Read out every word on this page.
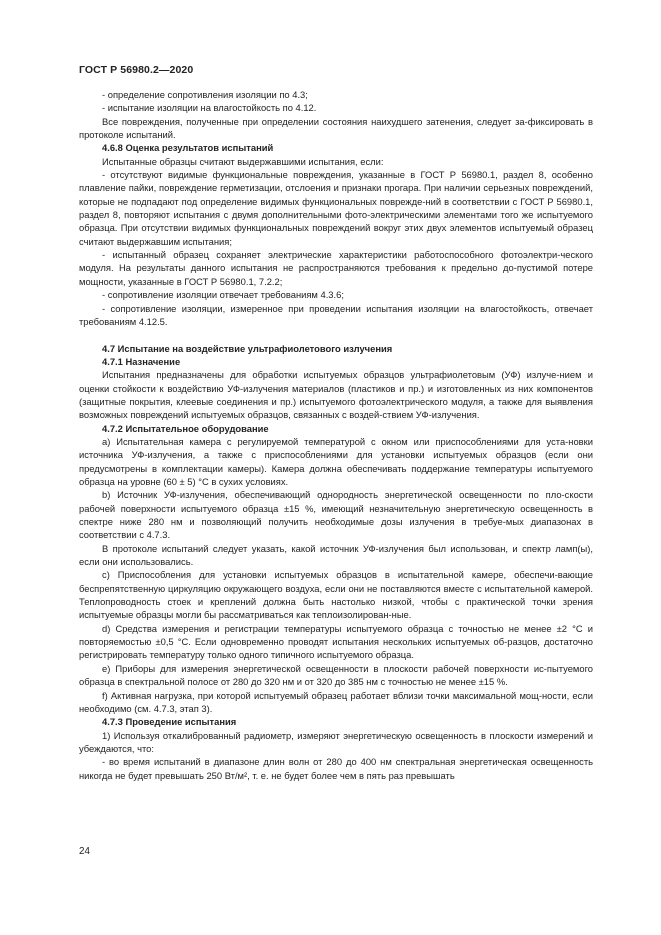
ГОСТ Р 56980.2—2020

- определение сопротивления изоляции по 4.3;

- испытание изоляции на влагостойкость по 4.12.

Все повреждения, полученные при определении состояния наихудшего затенения, следует за-фиксировать в протоколе испытаний.

4.6.8 Оценка результатов испытаний

Испытанные образцы считают выдержавшими испытания, если:

- отсутствуют видимые функциональные повреждения, указанные в ГОСТ Р 56980.1, раздел 8, особенно плавление пайки, повреждение герметизации, отслоения и признаки прогара. При наличии серьезных повреждений, которые не подпадают под определение видимых функциональных поврежде-ний в соответствии с ГОСТ Р 56980.1, раздел 8, повторяют испытания с двумя дополнительными фото-электрическими элементами того же испытуемого образца. При отсутствии видимых функциональных повреждений вокруг этих двух элементов испытуемый образец считают выдержавшим испытания;

- испытанный образец сохраняет электрические характеристики работоспособного фотоэлектри-ческого модуля. На результаты данного испытания не распространяются требования к предельно до-пустимой потере мощности, указанные в ГОСТ Р 56980.1, 7.2.2;

- сопротивление изоляции отвечает требованиям 4.3.6;

- сопротивление изоляции, измеренное при проведении испытания изоляции на влагостойкость, отвечает требованиям 4.12.5.

4.7 Испытание на воздействие ультрафиолетового излучения

4.7.1 Назначение

Испытания предназначены для обработки испытуемых образцов ультрафиолетовым (УФ) излуче-нием и оценки стойкости к воздействию УФ-излучения материалов (пластиков и пр.) и изготовленных из них компонентов (защитные покрытия, клеевые соединения и пр.) испытуемого фотоэлектрического модуля, а также для выявления возможных повреждений испытуемых образцов, связанных с воздей-ствием УФ-излучения.

4.7.2 Испытательное оборудование

a) Испытательная камера с регулируемой температурой с окном или приспособлениями для уста-новки источника УФ-излучения, а также с приспособлениями для установки испытуемых образцов (если они предусмотрены в комплектации камеры). Камера должна обеспечивать поддержание температуры испытуемого образца на уровне (60 ± 5) °C в сухих условиях.

b) Источник УФ-излучения, обеспечивающий однородность энергетической освещенности по пло-скости рабочей поверхности испытуемого образца ±15 %, имеющий незначительную энергетическую освещенность в спектре ниже 280 нм и позволяющий получить необходимые дозы излучения в требуе-мых диапазонах в соответствии с 4.7.3.

В протоколе испытаний следует указать, какой источник УФ-излучения был использован, и спектр ламп(ы), если они использовались.

c) Приспособления для установки испытуемых образцов в испытательной камере, обеспечи-вающие беспрепятственную циркуляцию окружающего воздуха, если они не поставляются вместе с испытательной камерой. Теплопроводность стоек и креплений должна быть настолько низкой, чтобы с практической точки зрения испытуемые образцы могли бы рассматриваться как теплоизолирован-ные.

d) Средства измерения и регистрации температуры испытуемого образца с точностью не менее ±2 °C и повторяемостью ±0,5 °C. Если одновременно проводят испытания нескольких испытуемых об-разцов, достаточно регистрировать температуру только одного типичного испытуемого образца.

e) Приборы для измерения энергетической освещенности в плоскости рабочей поверхности ис-пытуемого образца в спектральной полосе от 280 до 320 нм и от 320 до 385 нм с точностью не менее ±15 %.

f) Активная нагрузка, при которой испытуемый образец работает вблизи точки максимальной мощ-ности, если необходимо (см. 4.7.3, этап 3).

4.7.3 Проведение испытания

1) Используя откалиброванный радиометр, измеряют энергетическую освещенность в плоскости измерений и убеждаются, что:

- во время испытаний в диапазоне длин волн от 280 до 400 нм спектральная энергетическая освещенность никогда не будет превышать 250 Вт/м², т. е. не будет более чем в пять раз превышать

24
